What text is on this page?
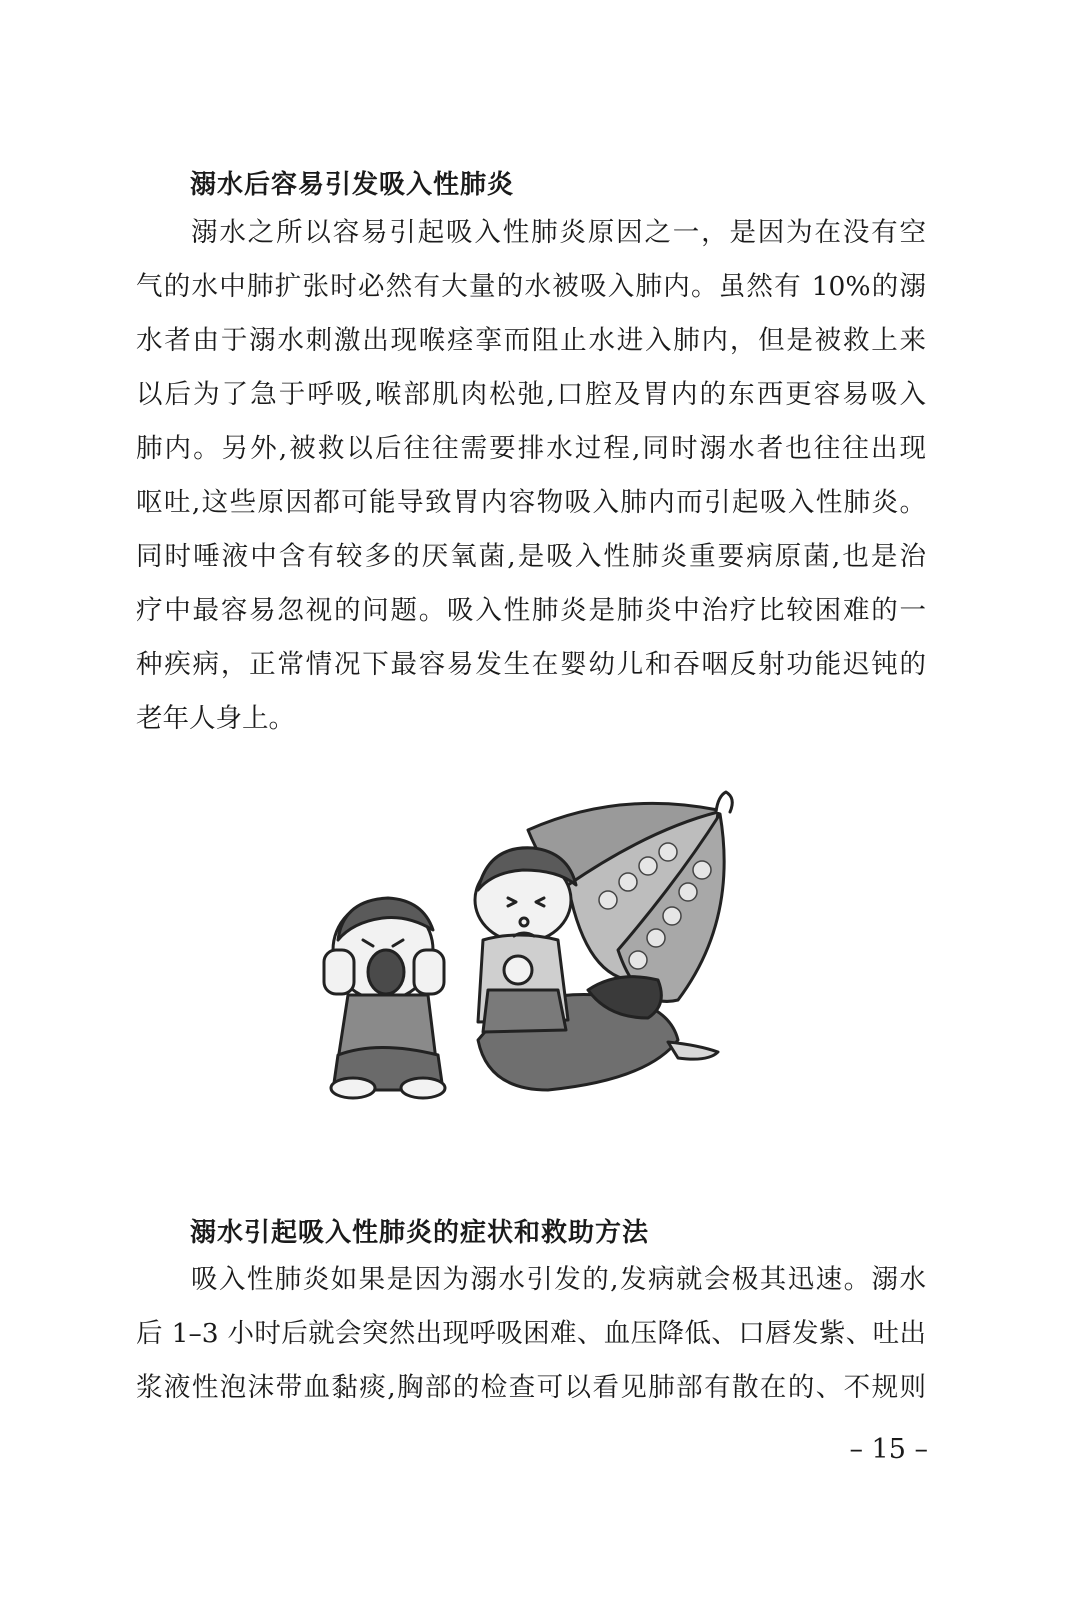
溺水后容易引发吸入性肺炎
溺水之所以容易引起吸入性肺炎原因之一，是因为在没有空
气的水中肺扩张时必然有大量的水被吸入肺内。虽然有 10%的溺
水者由于溺水刺激出现喉痉挛而阻止水进入肺内，但是被救上来
以后为了急于呼吸,喉部肌肉松弛,口腔及胃内的东西更容易吸入
肺内。另外,被救以后往往需要排水过程,同时溺水者也往往出现
呕吐,这些原因都可能导致胃内容物吸入肺内而引起吸入性肺炎。
同时唾液中含有较多的厌氧菌,是吸入性肺炎重要病原菌,也是治
疗中最容易忽视的问题。吸入性肺炎是肺炎中治疗比较困难的一
种疾病，正常情况下最容易发生在婴幼儿和吞咽反射功能迟钝的
老年人身上。
溺水引起吸入性肺炎的症状和救助方法
吸入性肺炎如果是因为溺水引发的,发病就会极其迅速。溺水
后 1–3 小时后就会突然出现呼吸困难、血压降低、口唇发紫、吐出
浆液性泡沫带血黏痰,胸部的检查可以看见肺部有散在的、不规则
– 15 –
